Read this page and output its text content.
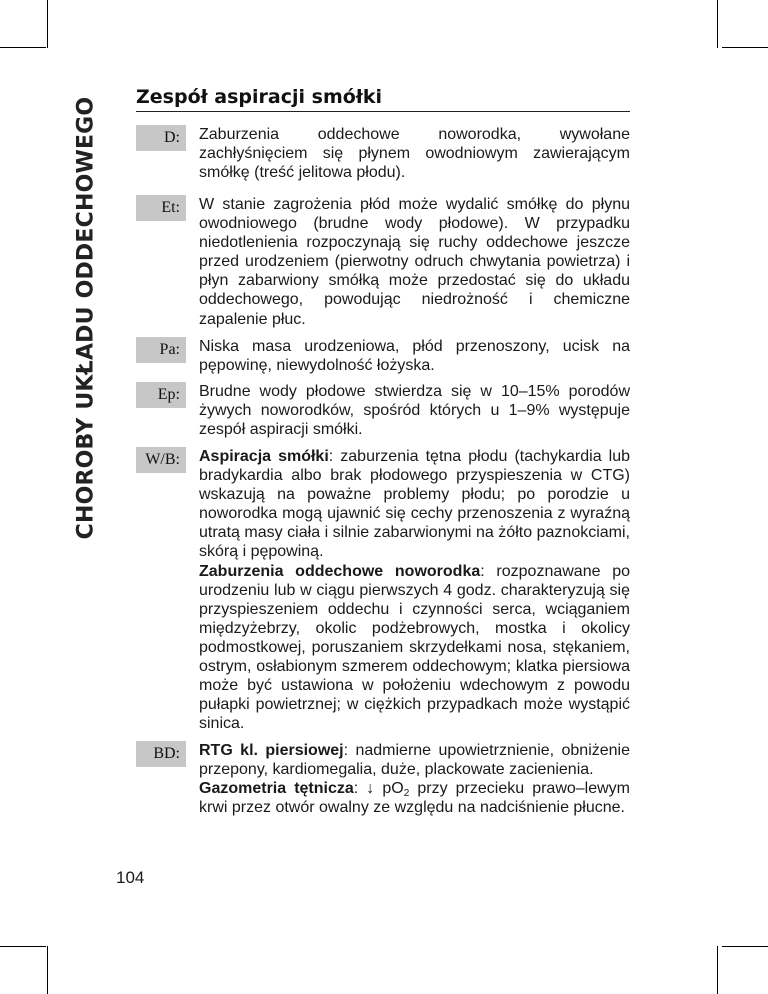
CHOROBY UKŁADU ODDECHOWEGO Zespół aspiracji smółki
D:	Zaburzenia oddechowe noworodka, wywołane zachłyśnięciem się płynem owodniowym zawierającym smółkę (treść jelitowa płodu).

Et:	W stanie zagrożenia płód może wydalić smółkę do płynu owodniowego (brudne wody płodowe). W przypadku niedotlenienia rozpoczynają się ruchy oddechowe jeszcze przed urodzeniem (pierwotny odruch chwytania powietrza) i płyn zabarwiony smółką może przedostać się do układu oddechowego, powodując niedrożność i chemiczne zapalenie płuc.

Pa:	Niska masa urodzeniowa, płód przenoszony, ucisk na pępowinę, niewydolność łożyska.

Ep:	Brudne wody płodowe stwierdza się w 10–15% porodów żywych noworodków, spośród których u 1–9% występuje zespół aspiracji smółki.

W/B:	Aspiracja smółki: zaburzenia tętna płodu (tachykardia lub bradykardia albo brak płodowego przyspieszenia w CTG) wskazują na poważne problemy płodu; po porodzie u noworodka mogą ujawnić się cechy przenoszenia z wyraźną utratą masy ciała i silnie zabarwionymi na żółto paznokciami, skórą i pępowiną.

Zaburzenia oddechowe noworodka: rozpoznawane po urodzeniu lub w ciągu pierwszych 4 godz. charakteryzują się przyspieszeniem oddechu i czynności serca, wciąganiem międzyżebrzy, okolic podżebrowych, mostka i okolicy podmostkowej, poruszaniem skrzydełkami nosa, stękaniem, ostrym, osłabionym szmerem oddechowym; klatka piersiowa może być ustawiona w położeniu wdechowym z powodu pułapki powietrznej; w ciężkich przypadkach może wystąpić sinica.

BD:	RTG kl. piersiowej: nadmierne upowietrznienie, obniżenie przepony, kardiomegalia, duże, plackowate zacienienia.

Gazometria tętnicza: ↓ $pO_2$ przy przecieku prawo–lewym krwi przez otwór owalny ze względu na nadciśnienie płucne.

104
